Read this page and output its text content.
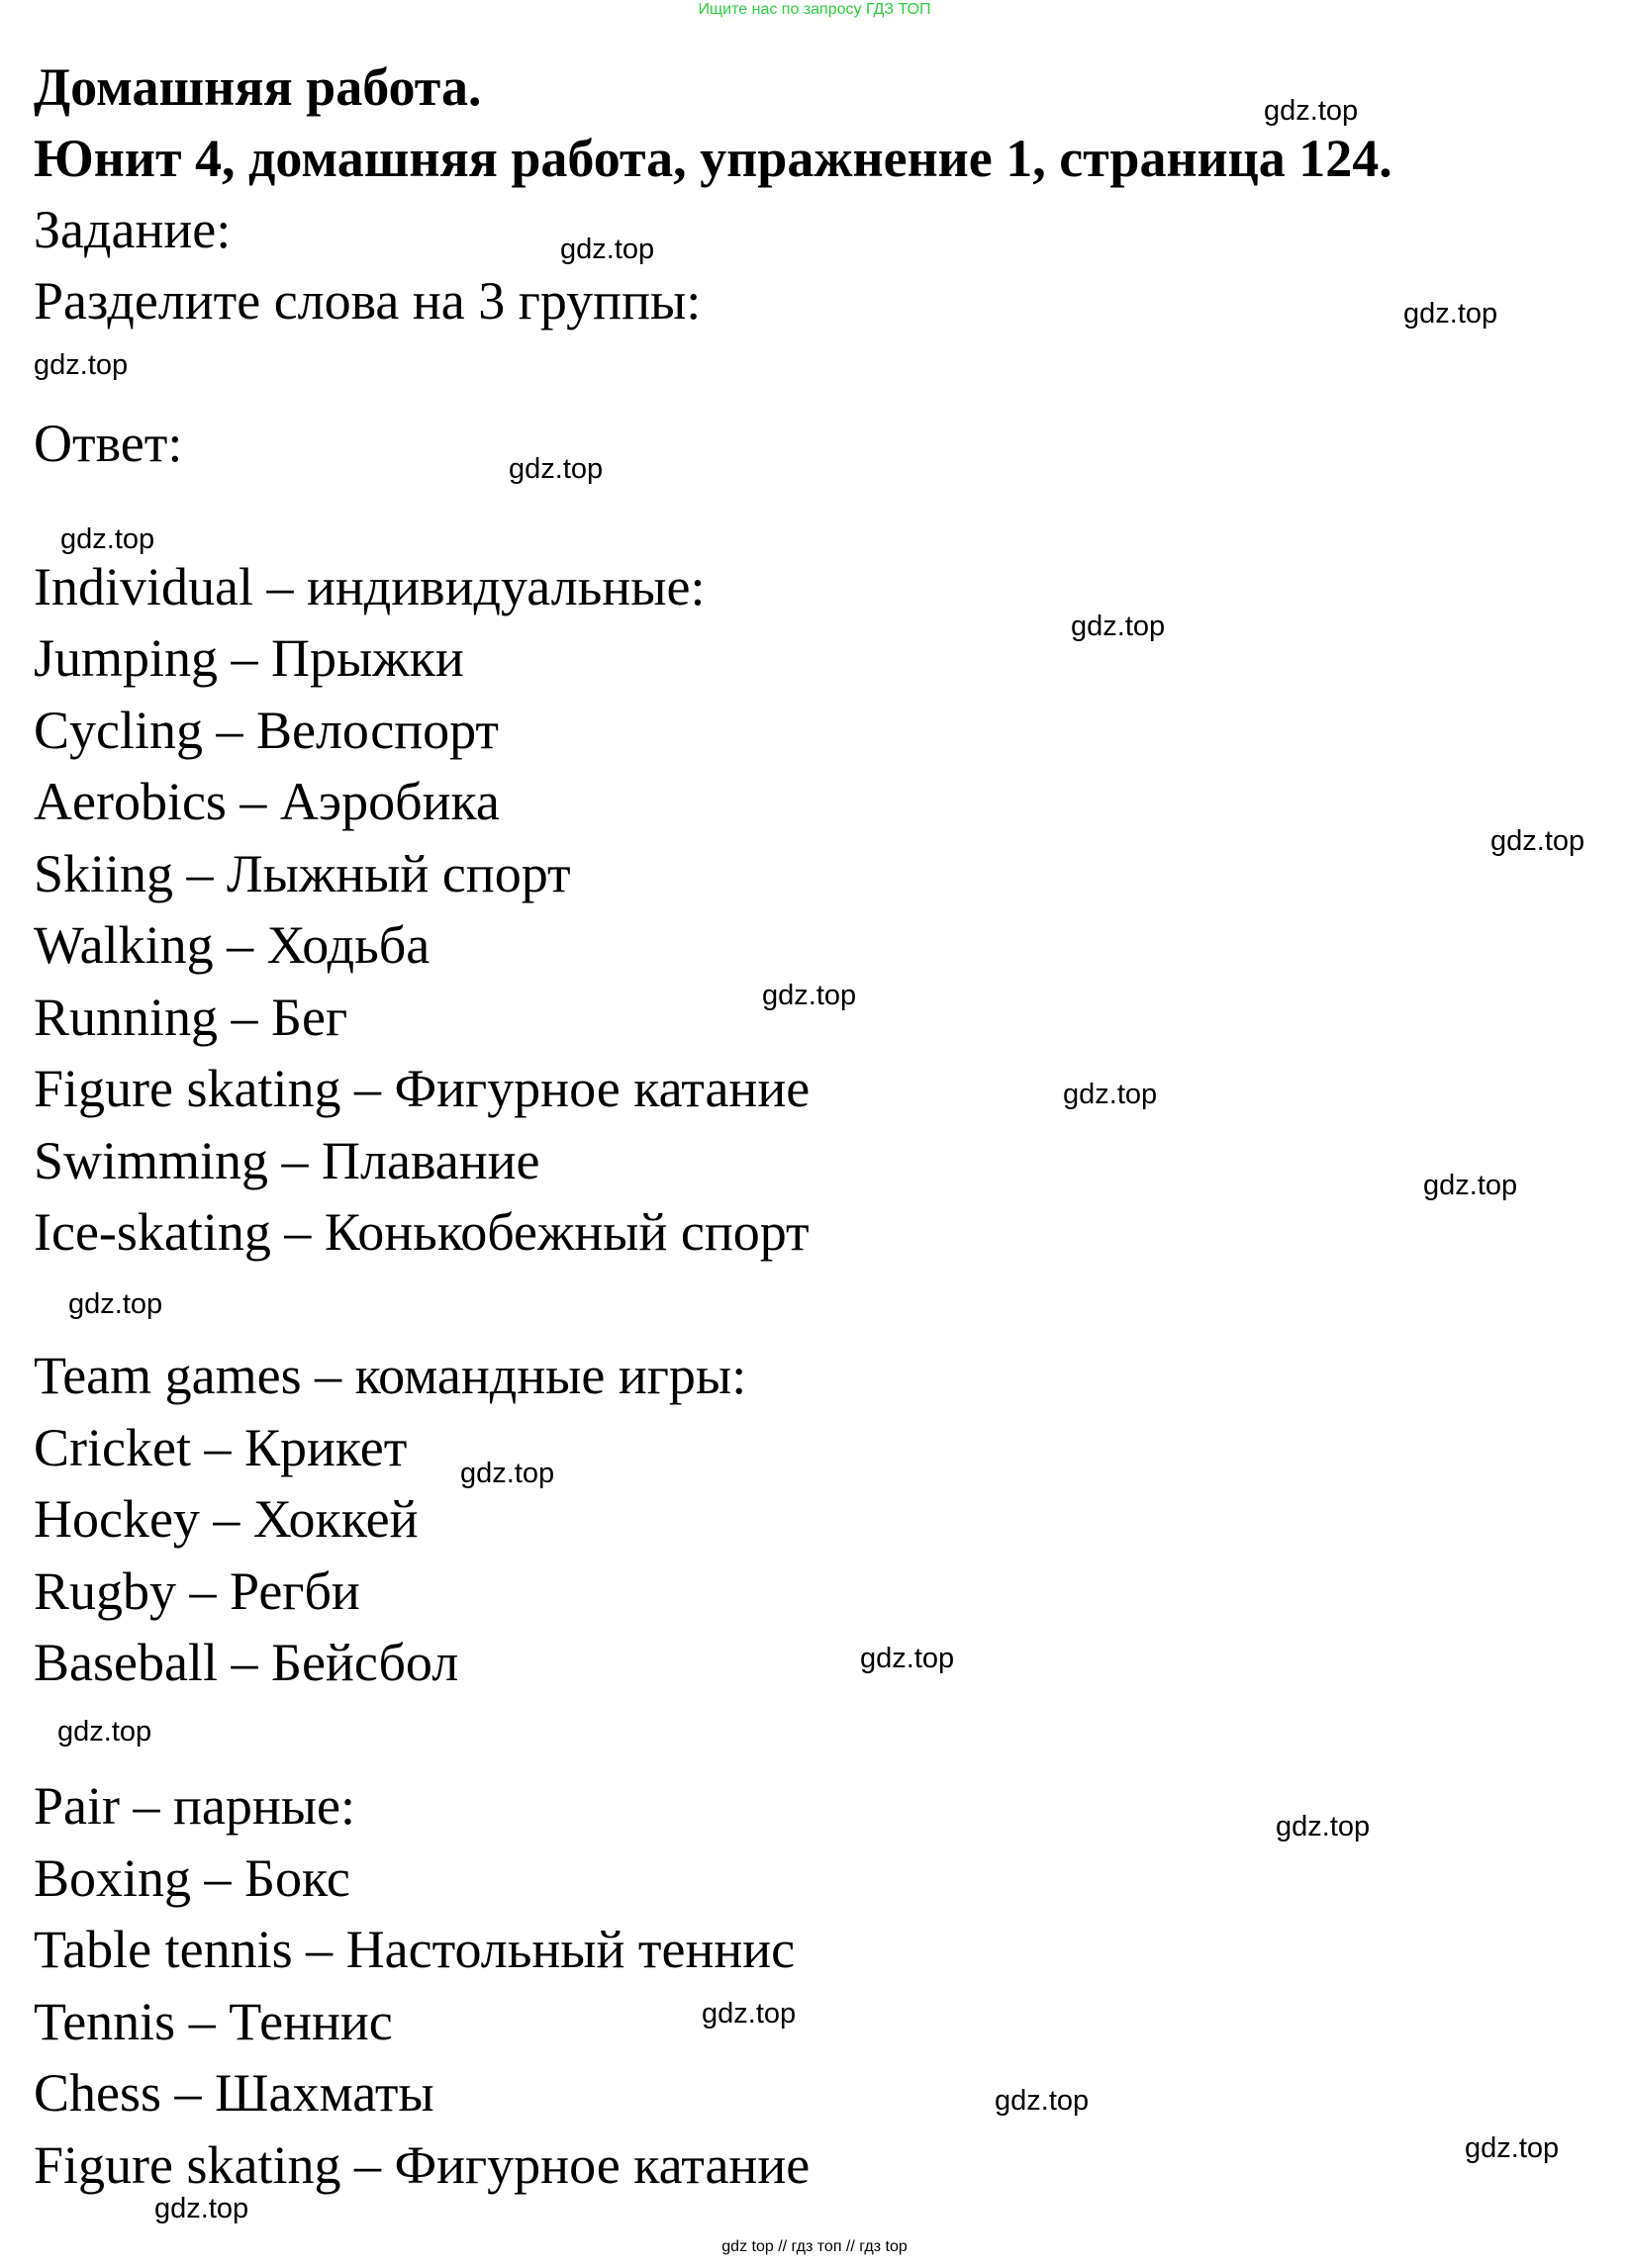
Ищите нас по запросу ГДЗ ТОП
Домашняя работа.
Юнит 4, домашняя работа, упражнение 1, страница 124.
Задание:
Разделите слова на 3 группы:
Ответ:
Individual – индивидуальные:
Jumping – Прыжки
Cycling – Велоспорт
Aerobics – Аэробика
Skiing – Лыжный спорт
Walking – Ходьба
Running – Бег
Figure skating – Фигурное катание
Swimming – Плавание
Ice-skating – Конькобежный спорт
Team games – командные игры:
Cricket – Крикет
Hockey – Хоккей
Rugby – Регби
Baseball – Бейсбол
Pair – парные:
Boxing – Бокс
Table tennis – Настольный теннис
Tennis – Теннис
Chess – Шахматы
Figure skating – Фигурное катание
gdz.top
gdz.top
gdz.top
gdz.top
gdz.top
gdz.top
gdz.top
gdz.top
gdz.top
gdz.top
gdz.top
gdz.top
gdz.top
gdz.top
gdz.top
gdz.top
gdz.top
gdz.top
gdz.top
gdz.top
gdz top // гдз топ // гдз top
